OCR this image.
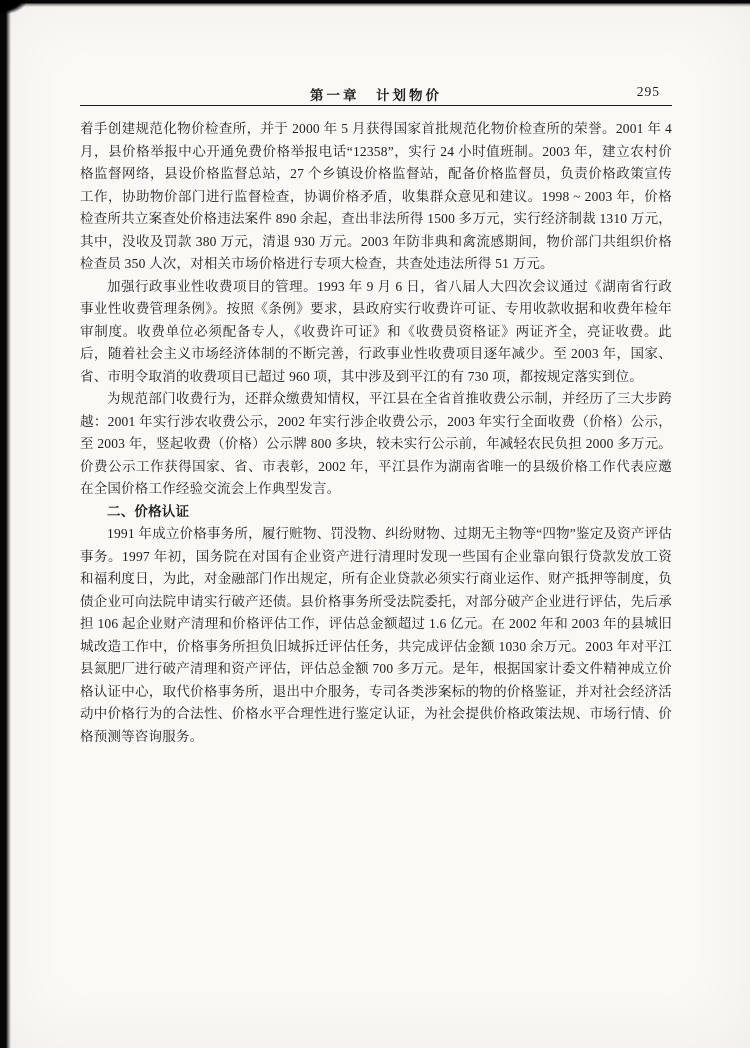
第一章　计划物价	295

着手创建规范化物价检查所，并于 2000 年 5 月获得国家首批规范化物价检查所的荣誉。2001 年 4 月，县价格举报中心开通免费价格举报电话“12358”，实行 24 小时值班制。2003 年，建立农村价格监督网络，县设价格监督总站，27 个乡镇设价格监督站，配备价格监督员，负责价格政策宣传工作，协助物价部门进行监督检查，协调价格矛盾，收集群众意见和建议。1998 ~ 2003 年，价格检查所共立案查处价格违法案件 890 余起，查出非法所得 1500 多万元，实行经济制裁 1310 万元，其中，没收及罚款 380 万元，清退 930 万元。2003 年防非典和禽流感期间，物价部门共组织价格检查员 350 人次，对相关市场价格进行专项大检查，共查处违法所得 51 万元。

加强行政事业性收费项目的管理。1993 年 9 月 6 日，省八届人大四次会议通过《湖南省行政事业性收费管理条例》。按照《条例》要求，县政府实行收费许可证、专用收款收据和收费年检年审制度。收费单位必须配备专人，《收费许可证》和《收费员资格证》两证齐全，亮证收费。此后，随着社会主义市场经济体制的不断完善，行政事业性收费项目逐年减少。至 2003 年，国家、省、市明令取消的收费项目已超过 960 项，其中涉及到平江的有 730 项，都按规定落实到位。

为规范部门收费行为，还群众缴费知情权，平江县在全省首推收费公示制，并经历了三大步跨越：2001 年实行涉农收费公示，2002 年实行涉企收费公示，2003 年实行全面收费（价格）公示，至 2003 年，竖起收费（价格）公示牌 800 多块，较未实行公示前，年减轻农民负担 2000 多万元。价费公示工作获得国家、省、市表彰，2002 年，平江县作为湖南省唯一的县级价格工作代表应邀在全国价格工作经验交流会上作典型发言。

二、价格认证

1991 年成立价格事务所，履行赃物、罚没物、纠纷财物、过期无主物等“四物”鉴定及资产评估事务。1997 年初，国务院在对国有企业资产进行清理时发现一些国有企业靠向银行贷款发放工资和福利度日，为此，对金融部门作出规定，所有企业贷款必须实行商业运作、财产抵押等制度，负债企业可向法院申请实行破产还债。县价格事务所受法院委托，对部分破产企业进行评估，先后承担 106 起企业财产清理和价格评估工作，评估总金额超过 1.6 亿元。在 2002 年和 2003 年的县城旧城改造工作中，价格事务所担负旧城拆迁评估任务，共完成评估金额 1030 余万元。2003 年对平江县氮肥厂进行破产清理和资产评估，评估总金额 700 多万元。是年，根据国家计委文件精神成立价格认证中心，取代价格事务所，退出中介服务，专司各类涉案标的物的价格鉴证，并对社会经济活动中价格行为的合法性、价格水平合理性进行鉴定认证，为社会提供价格政策法规、市场行情、价格预测等咨询服务。
